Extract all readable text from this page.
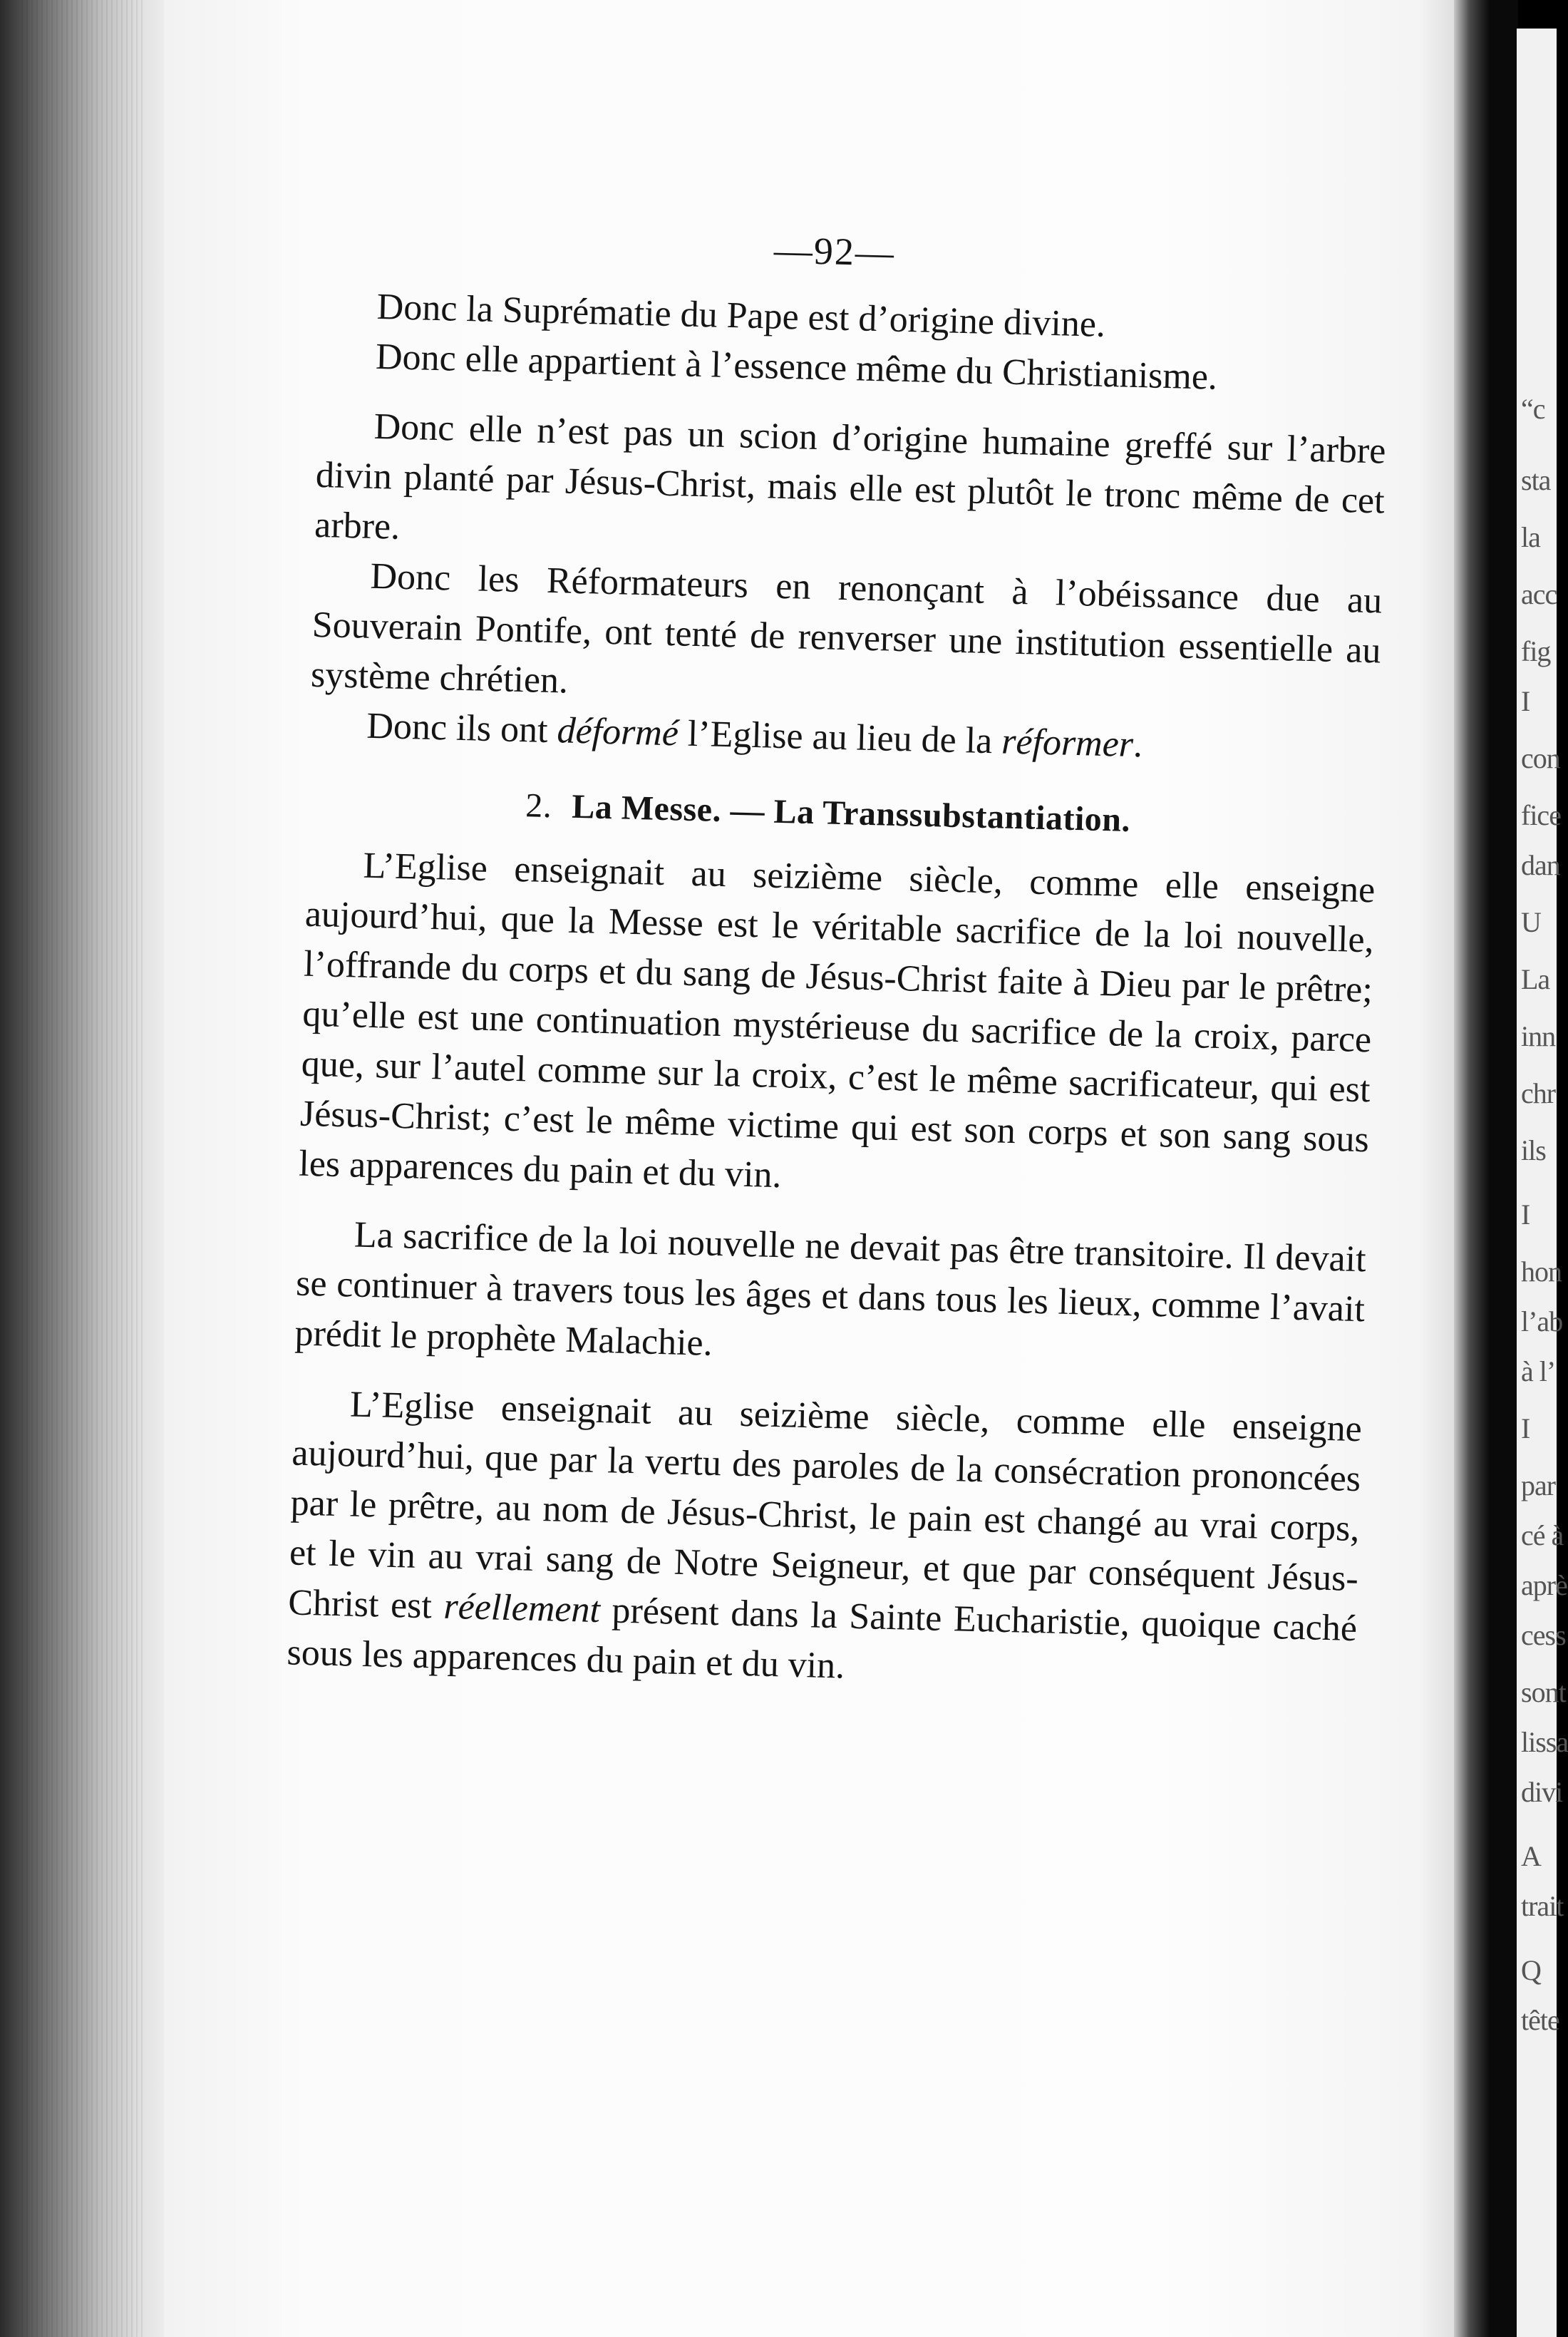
“c
sta
la
acc
fig
I
con
fice
dan
U
La
inn
chr
ils
I
hon
l’ab
à l’
I
par
cé à
aprè
cess
sont
lissa
divi
A
trait
Q
tête
—92—

Donc la Suprématie du Pape est d’origine divine.

Donc elle appartient à l’essence même du Christianisme.

Donc elle n’est pas un scion d’origine humaine greffé sur l’arbre divin planté par Jésus-Christ, mais elle est plutôt le tronc même de cet arbre.

Donc les Réformateurs en renonçant à l’obéissance due au Souverain Pontife, ont tenté de renverser une institution essentielle au système chrétien.

Donc ils ont déformé l’Eglise au lieu de la réformer.

2. La Messe. — La Transsubstantiation.

L’Eglise enseignait au seizième siècle, comme elle enseigne aujourd’hui, que la Messe est le véritable sacrifice de la loi nouvelle, l’offrande du corps et du sang de Jésus-Christ faite à Dieu par le prêtre; qu’elle est une continuation mystérieuse du sacrifice de la croix, parce que, sur l’autel comme sur la croix, c’est le même sacrificateur, qui est Jésus-Christ; c’est le même victime qui est son corps et son sang sous les apparences du pain et du vin.

La sacrifice de la loi nouvelle ne devait pas être transitoire. Il devait se continuer à travers tous les âges et dans tous les lieux, comme l’avait prédit le prophète Malachie.

L’Eglise enseignait au seizième siècle, comme elle enseigne aujourd’hui, que par la vertu des paroles de la consécration prononcées par le prêtre, au nom de Jésus-Christ, le pain est changé au vrai corps, et le vin au vrai sang de Notre Seigneur, et que par conséquent Jésus-Christ est réellement présent dans la Sainte Eucharistie, quoique caché sous les apparences du pain et du vin.
